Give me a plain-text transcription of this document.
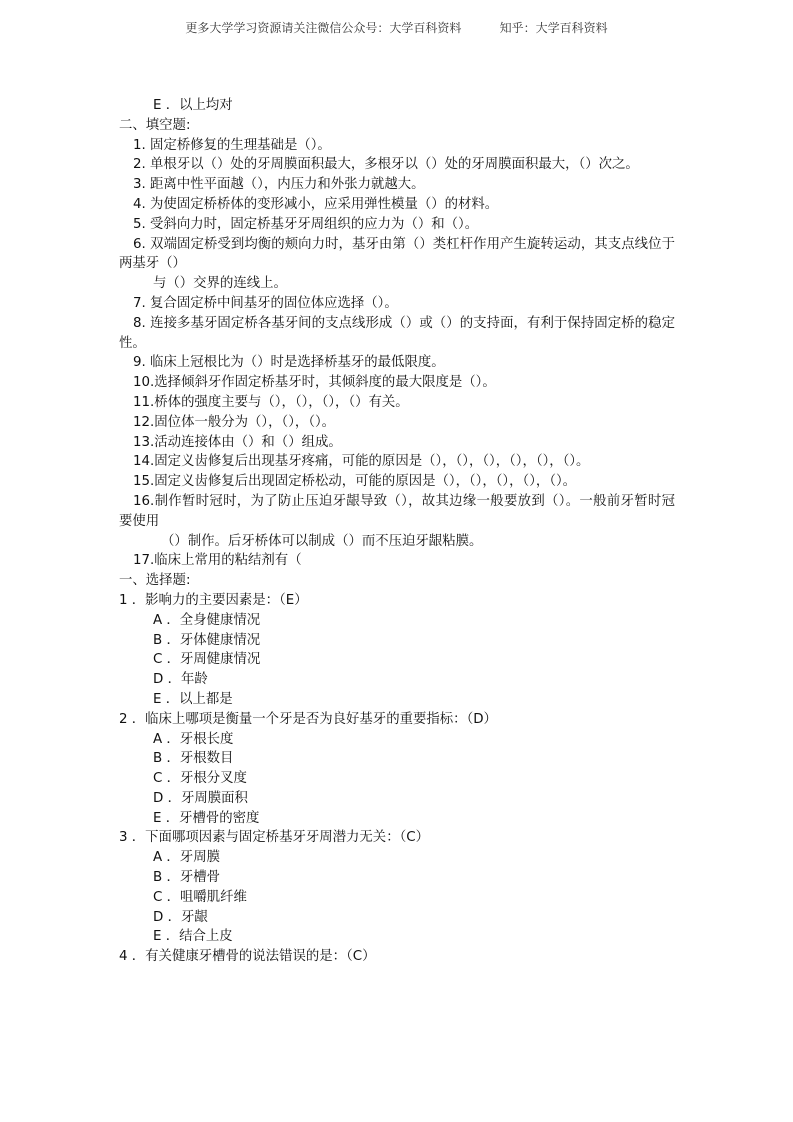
更多大学学习资源请关注微信公众号：大学百科资料          知乎：大学百科资料
E ．以上均对
二、填空题:
1. 固定桥修复的生理基础是（）。
2. 单根牙以（）处的牙周膜面积最大，多根牙以（）处的牙周膜面积最大，（）次之。
3. 距离中性平面越（），内压力和外张力就越大。
4. 为使固定桥桥体的变形减小，应采用弹性模量（）的材料。
5. 受斜向力时，固定桥基牙牙周组织的应力为（）和（）。
6. 双端固定桥受到均衡的颊向力时，基牙由第（）类杠杆作用产生旋转运动，其支点线位于两基牙（）
与（）交界的连线上。
7. 复合固定桥中间基牙的固位体应选择（）。
8. 连接多基牙固定桥各基牙间的支点线形成（）或（）的支持面，有利于保持固定桥的稳定性。
9. 临床上冠根比为（）时是选择桥基牙的最低限度。
10.选择倾斜牙作固定桥基牙时，其倾斜度的最大限度是（）。
11.桥体的强度主要与（），（），（），（）有关。
12.固位体一般分为（），（），（）。
13.活动连接体由（）和（）组成。
14.固定义齿修复后出现基牙疼痛，可能的原因是（），（），（），（），（），（）。
15.固定义齿修复后出现固定桥松动，可能的原因是（），（），（），（），（）。
16.制作暂时冠时，为了防止压迫牙龈导致（），故其边缘一般要放到（）。一般前牙暂时冠要使用
（）制作。后牙桥体可以制成（）而不压迫牙龈粘膜。
17.临床上常用的粘结剂有（
一、选择题:
1 ．影响力的主要因素是：（E）
A ．全身健康情况
B ．牙体健康情况
C ．牙周健康情况
D ．年龄
E ．以上都是
2 ．临床上哪项是衡量一个牙是否为良好基牙的重要指标：（D）
A ．牙根长度
B ．牙根数目
C ．牙根分叉度
D ．牙周膜面积
E ．牙槽骨的密度
3 ．下面哪项因素与固定桥基牙牙周潜力无关：（C）
A ．牙周膜
B ．牙槽骨
C ．咀嚼肌纤维
D ．牙龈
E ．结合上皮
4 ．有关健康牙槽骨的说法错误的是：（C）
